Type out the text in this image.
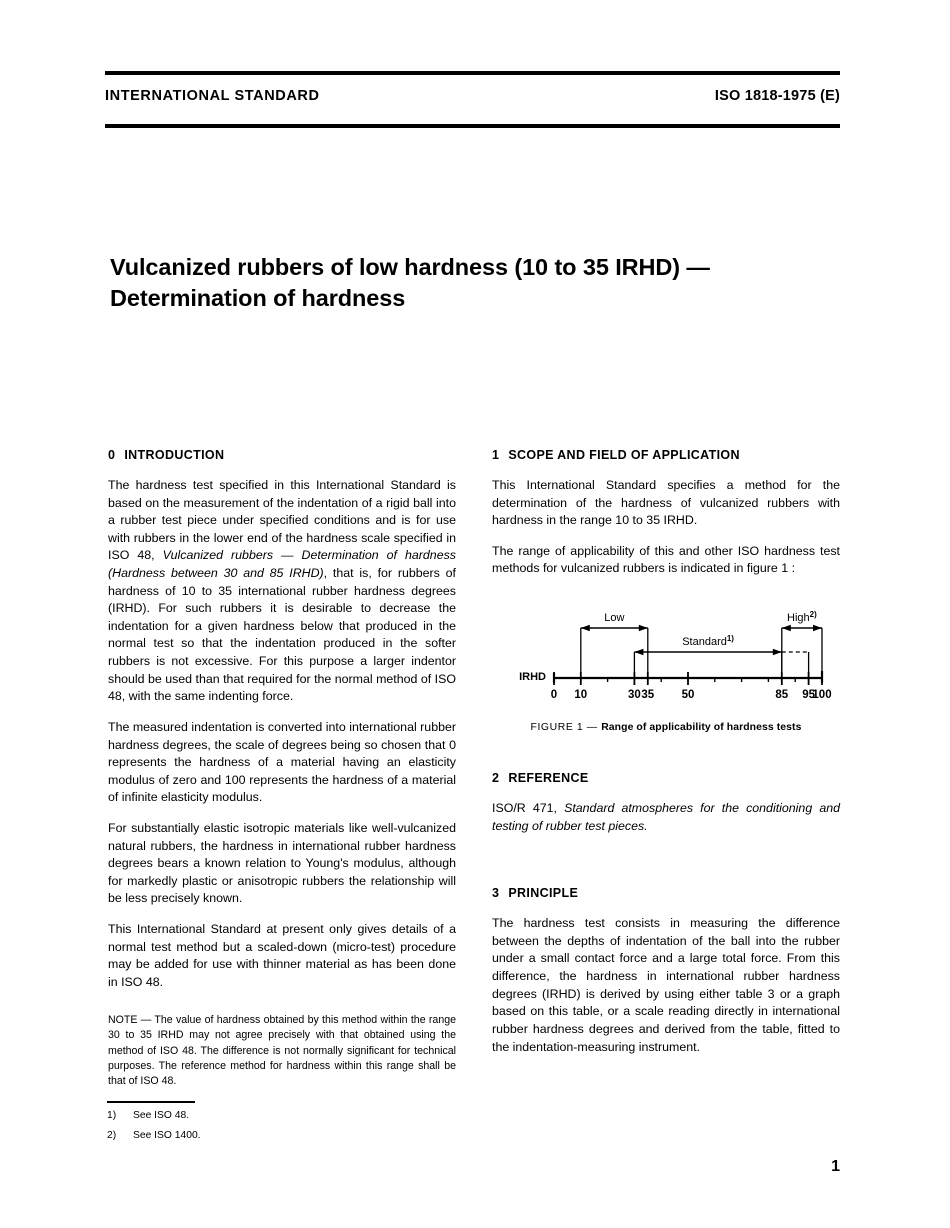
INTERNATIONAL STANDARD	ISO 1818-1975 (E)
Vulcanized rubbers of low hardness (10 to 35 IRHD) — Determination of hardness
0 INTRODUCTION

The hardness test specified in this International Standard is based on the measurement of the indentation of a rigid ball into a rubber test piece under specified conditions and is for use with rubbers in the lower end of the hardness scale specified in ISO 48, Vulcanized rubbers — Determination of hardness (Hardness between 30 and 85 IRHD), that is, for rubbers of hardness of 10 to 35 international rubber hardness degrees (IRHD). For such rubbers it is desirable to decrease the indentation for a given hardness below that produced in the normal test so that the indentation produced in the softer rubbers is not excessive. For this purpose a larger indentor should be used than that required for the normal method of ISO 48, with the same indenting force.

The measured indentation is converted into international rubber hardness degrees, the scale of degrees being so chosen that 0 represents the hardness of a material having an elasticity modulus of zero and 100 represents the hardness of a material of infinite elasticity modulus.

For substantially elastic isotropic materials like well-vulcanized natural rubbers, the hardness in international rubber hardness degrees bears a known relation to Young's modulus, although for markedly plastic or anisotropic rubbers the relationship will be less precisely known.

This International Standard at present only gives details of a normal test method but a scaled-down (micro-test) procedure may be added for use with thinner material as has been done in ISO 48.

NOTE — The value of hardness obtained by this method within the range 30 to 35 IRHD may not agree precisely with that obtained using the method of ISO 48. The difference is not normally significant for technical purposes. The reference method for hardness within this range shall be that of ISO 48.

1 SCOPE AND FIELD OF APPLICATION

This International Standard specifies a method for the determination of the hardness of vulcanized rubbers with hardness in the range 10 to 35 IRHD.

The range of applicability of this and other ISO hardness test methods for vulcanized rubbers is indicated in figure 1 :

IRHD
0 10	30 35 50	85 95
100
Low
Standard$^{1)}$
High$^{2)}$
FIGURE 1 — Range of applicability of hardness tests
2 REFERENCE

ISO/R 471, Standard atmospheres for the conditioning and testing of rubber test pieces.

3 PRINCIPLE

The hardness test consists in measuring the difference between the depths of indentation of the ball into the rubber under a small contact force and a large total force. From this difference, the hardness in international rubber hardness degrees (IRHD) is derived by using either table 3 or a graph based on this table, or a scale reading directly in international rubber hardness degrees and derived from the table, fitted to the indentation-measuring instrument.

1)	See ISO 48.
2)	See ISO 1400.
1
